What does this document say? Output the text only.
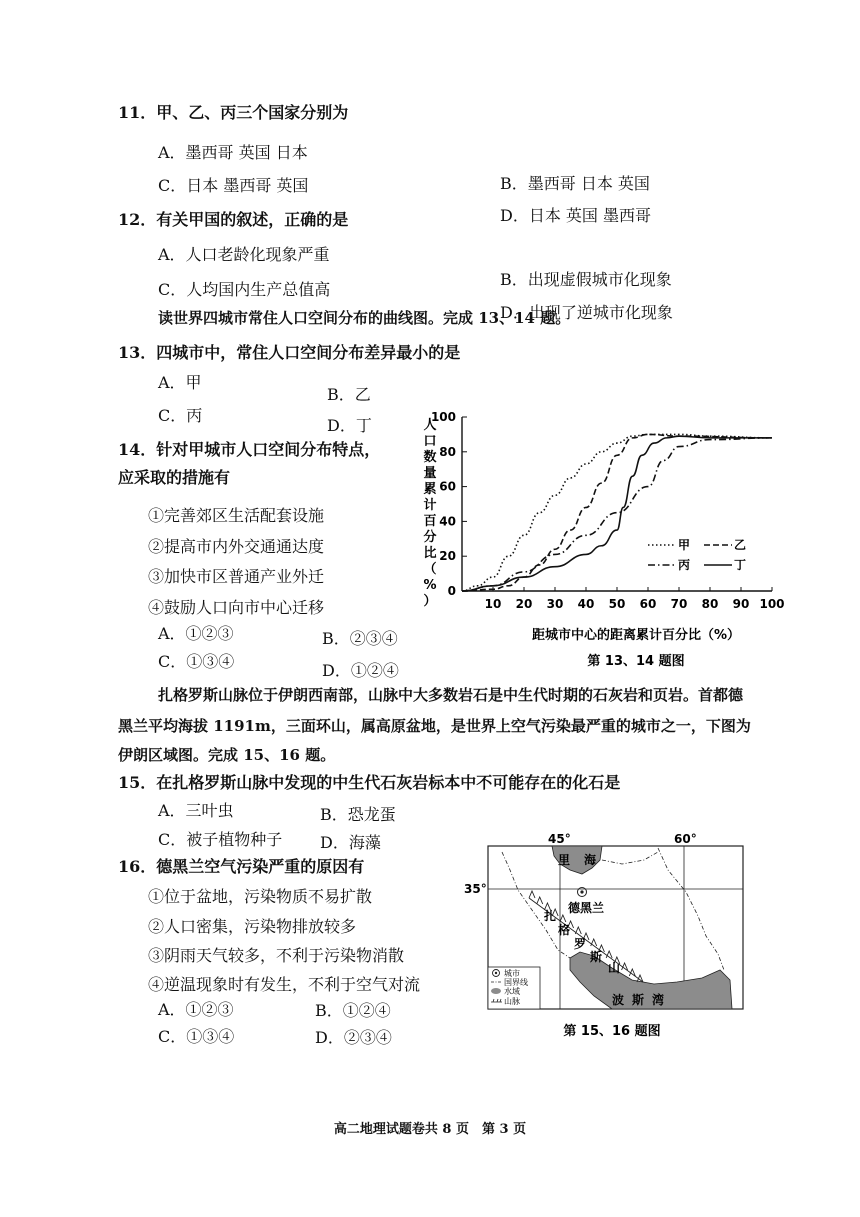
11．甲、乙、丙三个国家分别为
A．墨西哥 英国 日本
B．墨西哥 日本 英国
C．日本 墨西哥 英国
D．日本 英国 墨西哥
12．有关甲国的叙述，正确的是
A．人口老龄化现象严重
B．出现虚假城市化现象
C．人均国内生产总值高
D．出现了逆城市化现象
读世界四城市常住人口空间分布的曲线图。完成 13、14 题。
13．四城市中，常住人口空间分布差异最小的是
A．甲
B．乙
C．丙
D．丁
14．针对甲城市人口空间分布特点，
应采取的措施有
①完善郊区生活配套设施
②提高市内外交通通达度
③加快市区普通产业外迁
④鼓励人口向市中心迁移
A．①②③	B．②③④
C．①③④	D．①②④
0
20
40
60
80
100
10 20 30 40 50 60 70 80 90 100
甲	乙
丙	丁
人口数量累计百分比（%）
距城市中心的距离累计百分比（%）
第 13、14 题图
扎格罗斯山脉位于伊朗西南部，山脉中大多数岩石是中生代时期的石灰岩和页岩。首都德
黑兰平均海拔 1191m，三面环山，属高原盆地，是世界上空气污染最严重的城市之一，下图为
伊朗区域图。完成 15、16 题。
15．在扎格罗斯山脉中发现的中生代石灰岩标本中不可能存在的化石是
A．三叶虫	B．恐龙蛋
C．被子植物种子 D．海藻
16．德黑兰空气污染严重的原因有
①位于盆地，污染物质不易扩散
②人口密集，污染物排放较多
③阴雨天气较多，不利于污染物消散
④逆温现象时有发生，不利于空气对流
A．①②③	B．①②④
C．①③④	D．②③④
45°	60°
35°
里 海
波 斯 湾
扎
格
罗
斯
山
德黑兰
城市
国界线
水域
山脉
第 15、16 题图
高二地理试题卷共 8 页　第 3 页
